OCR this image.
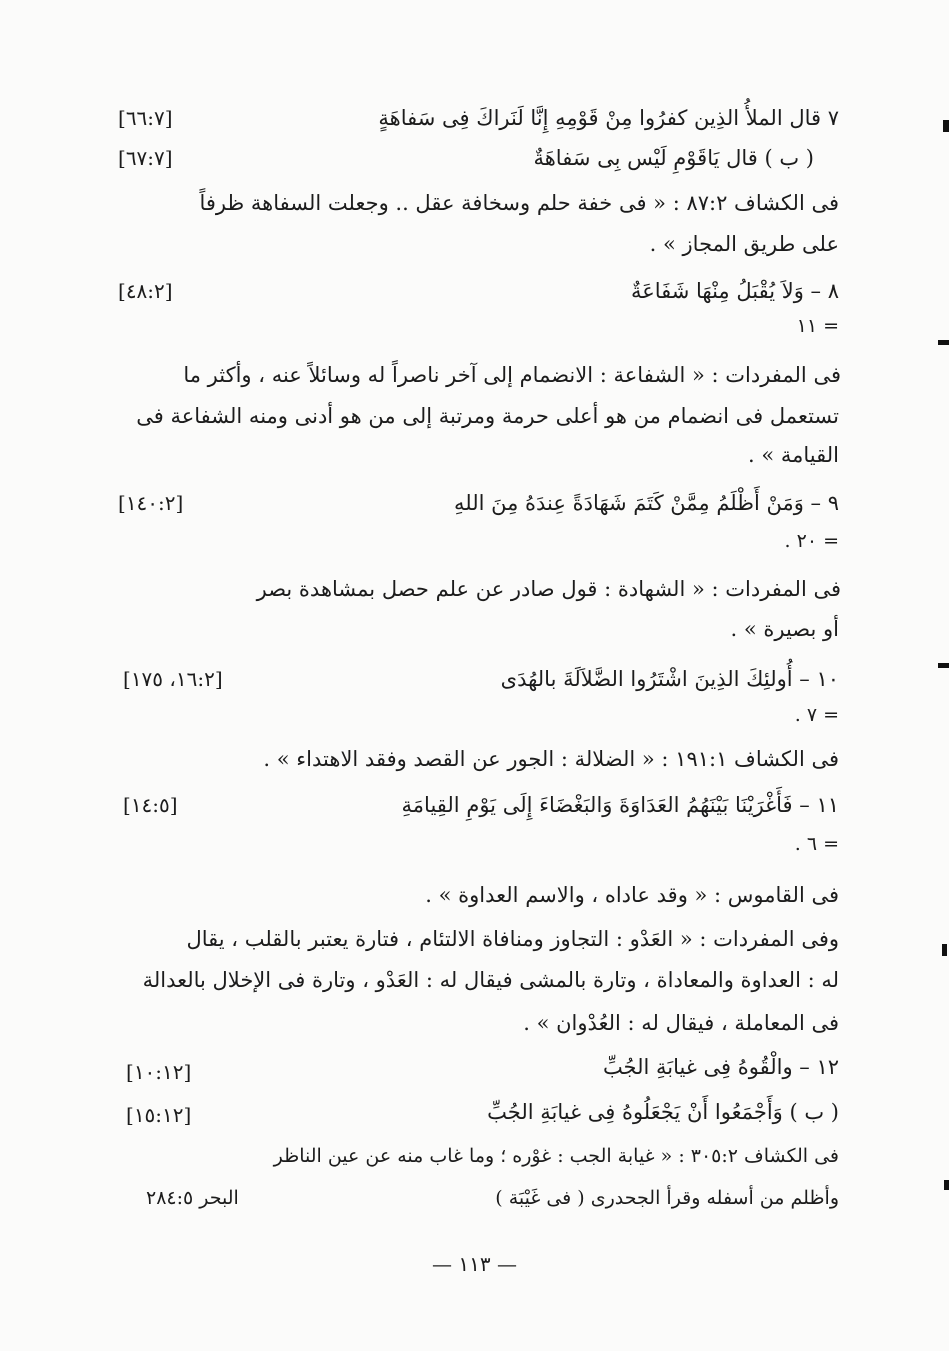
٧ قال الملأُ الذِين كفرُوا مِنْ قَوْمِهِ إِنَّا لَنَراكَ فِى سَفاهَةٍ
[٦٦:٧]
( ب ) قال يَاقَوْمِ لَيْس بِى سَفاهَةٌ
[٦٧:٧]
فى الكشاف ٨٧:٢ : « فى خفة حلم وسخافة عقل .. وجعلت السفاهة ظرفاً
على طريق المجاز » .
٨ – وَلاَ يُقْبَلُ مِنْهَا شَفَاعَةٌ
[٤٨:٢]
= ١١
فى المفردات : « الشفاعة : الانضمام إلى آخر ناصراً له وسائلاً عنه ، وأكثر ما
تستعمل فى انضمام من هو أعلى حرمة ومرتبة إلى من هو أدنى ومنه الشفاعة فى
القيامة » .
٩ – وَمَنْ أَظْلَمُ مِمَّنْ كَتَمَ شَهَادَةً عِندَهُ مِنَ اللهِ
[١٤٠:٢]
= ٢٠ .
فى المفردات : « الشهادة : قول صادر عن علم حصل بمشاهدة بصر
أو بصيرة » .
١٠ – أُولئِكَ الذِينَ اشْتَرُوا الضَّلاَلَةَ بالهُدَى
[١٦:٢، ١٧٥]
= ٧ .
فى الكشاف ١٩١:١ : « الضلالة : الجور عن القصد وفقد الاهتداء » .
١١ – فَأَغْرَيْنَا بَيْنَهُمُ العَدَاوَةَ وَالبَغْضَاءَ إِلَى يَوْمِ القِيامَةِ
[١٤:٥]
= ٦ .
فى القاموس : « وقد عاداه ، والاسم العداوة » .
وفى المفردات : « العَدْو : التجاوز ومنافاة الالتئام ، فتارة يعتبر بالقلب ، يقال
له : العداوة والمعاداة ، وتارة بالمشى فيقال له : العَدْو ، وتارة فى الإخلال بالعدالة
فى المعاملة ، فيقال له : العُدْوان » .
١٢ – والْقُوهُ فِى غيابَةِ الجُبِّ
[١٠:١٢]
( ب ) وَأَجْمَعُوا أَنْ يَجْعَلُوهُ فِى غيابَةِ الجُبِّ
[١٥:١٢]
فى الكشاف ٣٠٥:٢ : « غيابة الجب : غوْره ؛ وما غاب منه عن عين الناظر
وأظلم من أسفله وقرأ الجحدرى ( فى غَيْبَة )
البحر ٢٨٤:٥
— ١١٣ —
